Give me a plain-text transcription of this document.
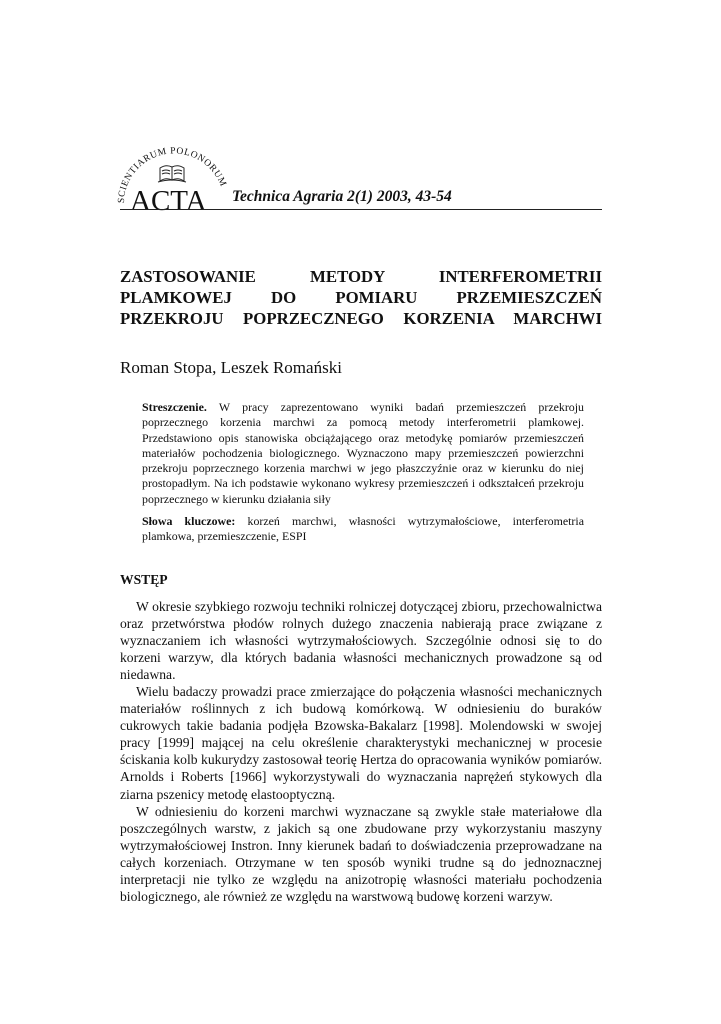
SCIENTIARUM POLONORUM
ACTA Technica Agraria 2(1) 2003, 43-54
ZASTOSOWANIE METODY INTERFEROMETRII
PLAMKOWEJ DO POMIARU PRZEMIESZCZEŃ
PRZEKROJU POPRZECZNEGO KORZENIA MARCHWI
Roman Stopa, Leszek Romański
Streszczenie. W pracy zaprezentowano wyniki badań przemieszczeń przekroju poprzecznego korzenia marchwi za pomocą metody interferometrii plamkowej. Przedstawiono opis stanowiska obciążającego oraz metodykę pomiarów przemieszczeń materiałów pochodzenia biologicznego. Wyznaczono mapy przemieszczeń powierzchni przekroju poprzecznego korzenia marchwi w jego płaszczyźnie oraz w kierunku do niej prostopadłym. Na ich podstawie wykonano wykresy przemieszczeń i odkształceń przekroju poprzecznego w kierunku działania siły
Słowa kluczowe: korzeń marchwi, własności wytrzymałościowe, interferometria plamkowa, przemieszczenie, ESPI
WSTĘP

W okresie szybkiego rozwoju techniki rolniczej dotyczącej zbioru, przechowalnictwa oraz przetwórstwa płodów rolnych dużego znaczenia nabierają prace związane z wyznaczaniem ich własności wytrzymałościowych. Szczególnie odnosi się to do korzeni warzyw, dla których badania własności mechanicznych prowadzone są od niedawna.

Wielu badaczy prowadzi prace zmierzające do połączenia własności mechanicznych materiałów roślinnych z ich budową komórkową. W odniesieniu do buraków cukrowych takie badania podjęła Bzowska-Bakalarz [1998]. Molendowski w swojej pracy [1999] mającej na celu określenie charakterystyki mechanicznej w procesie ściskania kolb kukurydzy zastosował teorię Hertza do opracowania wyników pomiarów. Arnolds i Roberts [1966] wykorzystywali do wyznaczania naprężeń stykowych dla ziarna pszenicy metodę elastooptyczną.

W odniesieniu do korzeni marchwi wyznaczane są zwykle stałe materiałowe dla poszczególnych warstw, z jakich są one zbudowane przy wykorzystaniu maszyny wytrzymałościowej Instron. Inny kierunek badań to doświadczenia przeprowadzane na całych korzeniach. Otrzymane w ten sposób wyniki trudne są do jednoznacznej interpretacji nie tylko ze względu na anizotropię własności materiału pochodzenia biologicznego, ale również ze względu na warstwową budowę korzeni warzyw.
